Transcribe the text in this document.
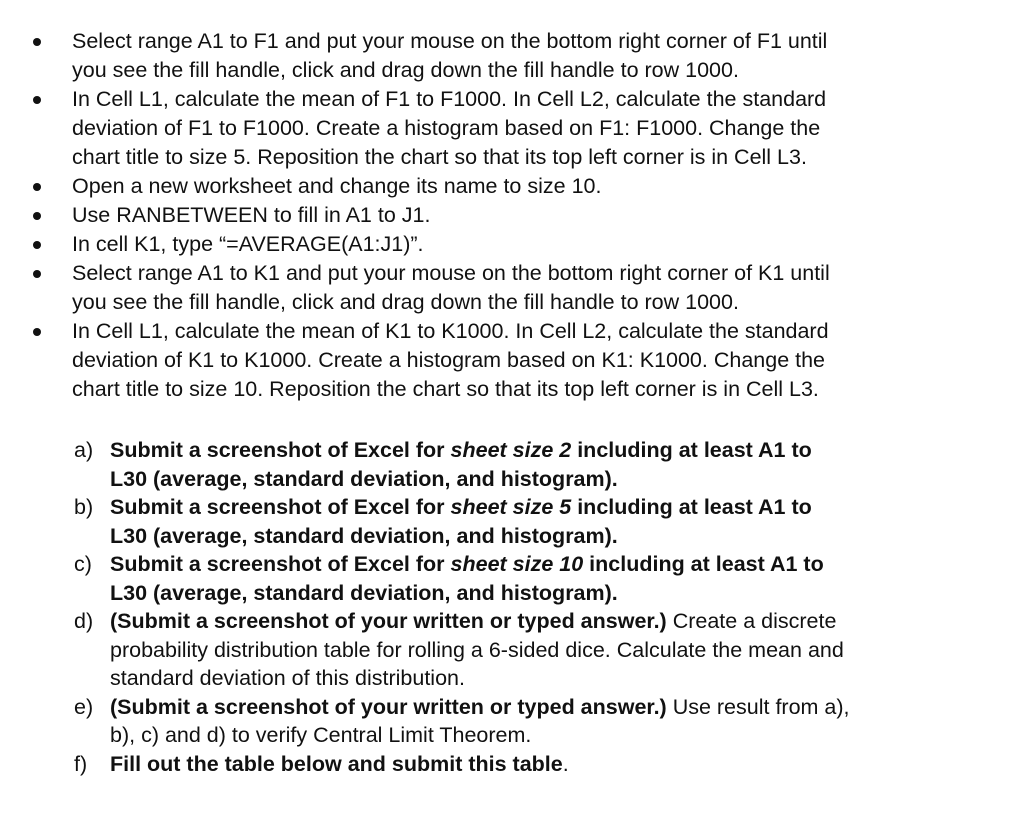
Select range A1 to F1 and put your mouse on the bottom right corner of F1 until
you see the fill handle, click and drag down the fill handle to row 1000.
In Cell L1, calculate the mean of F1 to F1000. In Cell L2, calculate the standard
deviation of F1 to F1000. Create a histogram based on F1: F1000. Change the
chart title to size 5. Reposition the chart so that its top left corner is in Cell L3.
Open a new worksheet and change its name to size 10.
Use RANBETWEEN to fill in A1 to J1.
In cell K1, type “=AVERAGE(A1:J1)”.
Select range A1 to K1 and put your mouse on the bottom right corner of K1 until
you see the fill handle, click and drag down the fill handle to row 1000.
In Cell L1, calculate the mean of K1 to K1000. In Cell L2, calculate the standard
deviation of K1 to K1000. Create a histogram based on K1: K1000. Change the
chart title to size 10. Reposition the chart so that its top left corner is in Cell L3.
a) Submit a screenshot of Excel for sheet size 2 including at least A1 to
L30 (average, standard deviation, and histogram).
b) Submit a screenshot of Excel for sheet size 5 including at least A1 to
L30 (average, standard deviation, and histogram).
c) Submit a screenshot of Excel for sheet size 10 including at least A1 to
L30 (average, standard deviation, and histogram).
d) (Submit a screenshot of your written or typed answer.) Create a discrete
probability distribution table for rolling a 6-sided dice. Calculate the mean and
standard deviation of this distribution.
e) (Submit a screenshot of your written or typed answer.) Use result from a),
b), c) and d) to verify Central Limit Theorem.
f) Fill out the table below and submit this table.
